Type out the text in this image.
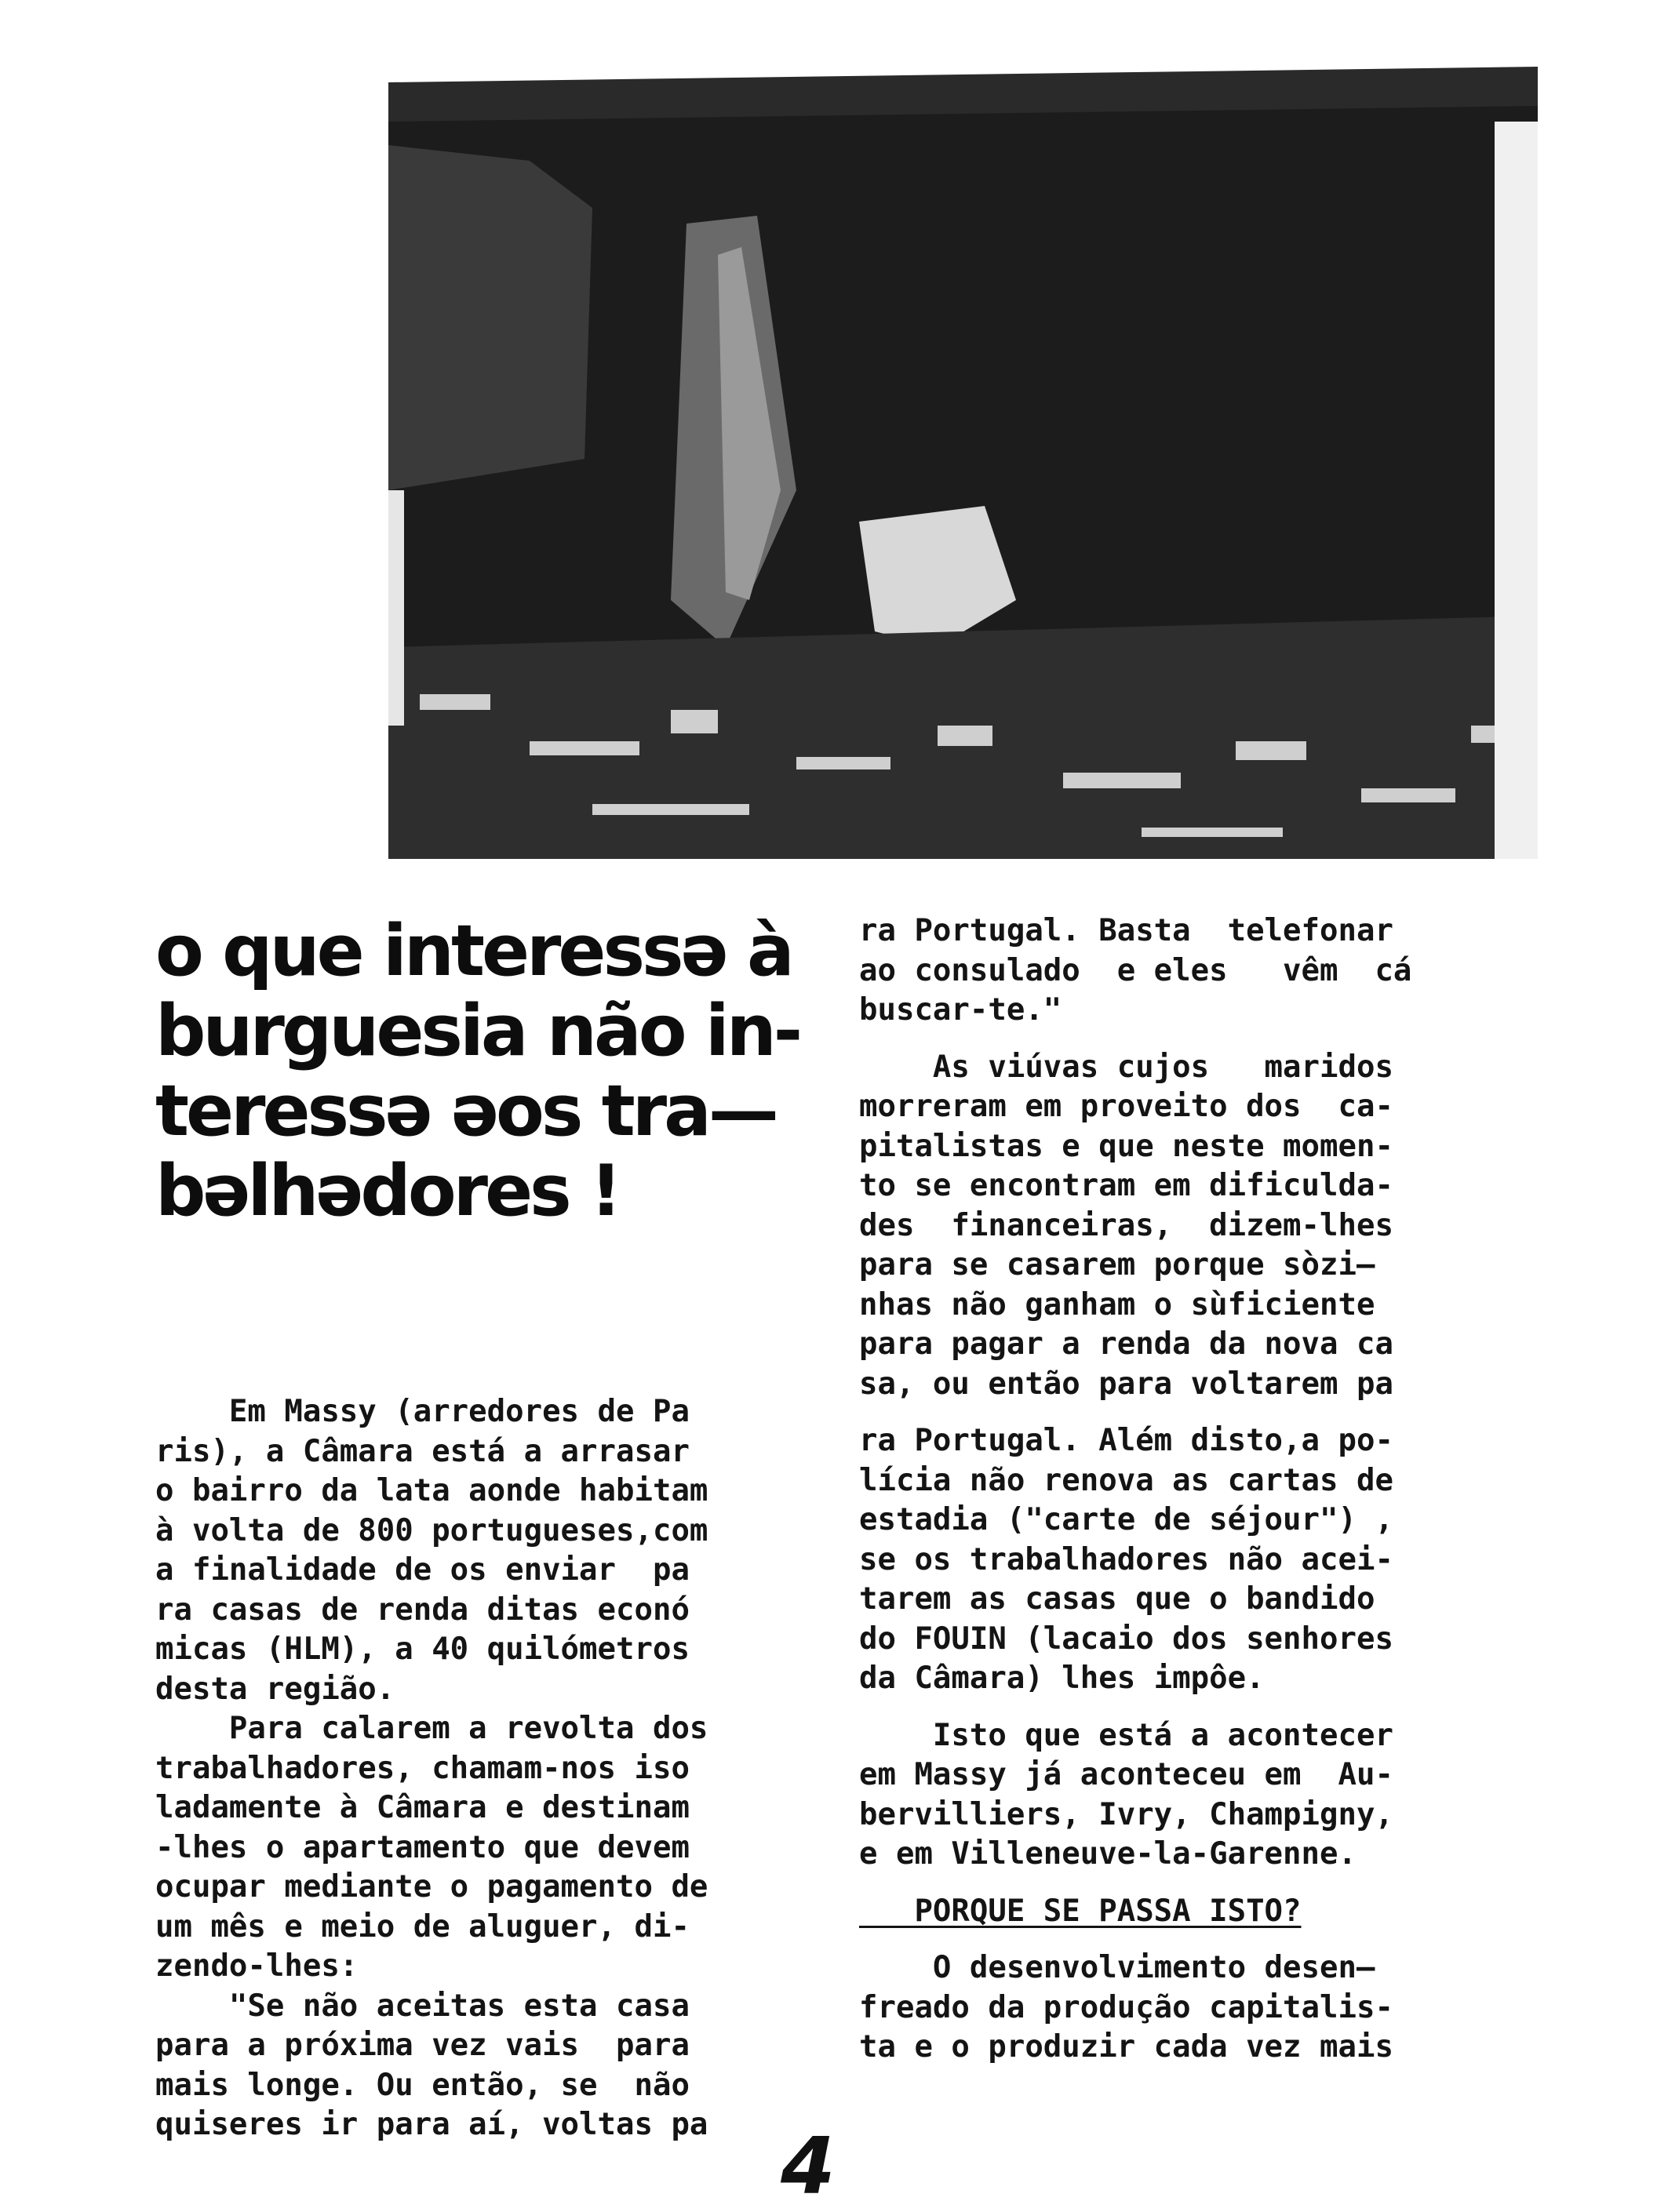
o que interessə à
burguesia não in-
teressə əos tra—
bəlhədores !
Em Massy (arredores de Pa
ris), a Câmara está a arrasar
o bairro da lata aonde habitam
à volta de 800 portugueses,com
a finalidade de os enviar  pa
ra casas de renda ditas econó
micas (HLM), a 40 quilómetros
desta região.
Para calarem a revolta dos
trabalhadores, chamam-nos iso
ladamente à Câmara e destinam
-lhes o apartamento que devem
ocupar mediante o pagamento de
um mês e meio de aluguer, di-
zendo-lhes:
"Se não aceitas esta casa
para a próxima vez vais  para
mais longe. Ou então, se  não
quiseres ir para aí, voltas pa
ra Portugal. Basta  telefonar
ao consulado  e eles   vêm  cá
buscar-te."
As viúvas cujos   maridos
morreram em proveito dos  ca-
pitalistas e que neste momen-
to se encontram em dificulda-
des  financeiras,  dizem-lhes
para se casarem porque sòzi—
nhas não ganham o sùficiente
para pagar a renda da nova ca
sa, ou então para voltarem pa
ra Portugal. Além disto,a po-
lícia não renova as cartas de
estadia ("carte de séjour") ,
se os trabalhadores não acei-
tarem as casas que o bandido
do FOUIN (lacaio dos senhores
da Câmara) lhes impôe.
Isto que está a acontecer
em Massy já aconteceu em  Au-
bervilliers, Ivry, Champigny,
e em Villeneuve-la-Garenne.
PORQUE SE PASSA ISTO?
O desenvolvimento desen—
freado da produção capitalis-
ta e o produzir cada vez mais
4
